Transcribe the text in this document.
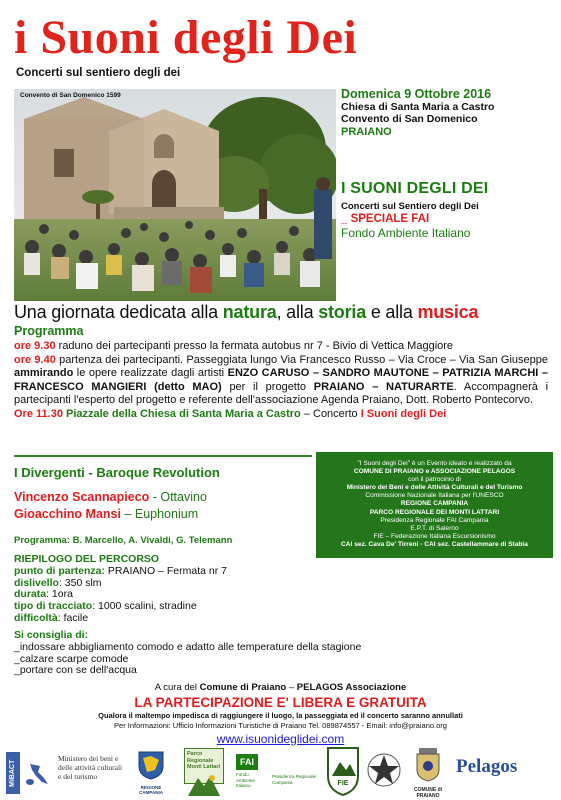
i Suoni degli Dei
Concerti sul sentiero degli dei
Convento di San Domenico 1599	Domenica 9 Ottobre 2016
Chiesa di Santa Maria a Castro
Convento di San Domenico
PRAIANO
I SUONI DEGLI DEI
Concerti sul Sentiero degli Dei
_ SPECIALE FAI
Fondo Ambiente Italiano
Una giornata dedicata alla natura, alla storia e alla musica
Programma

ore 9.30 raduno dei partecipanti presso la fermata autobus nr 7 - Bivio di Vettica Maggiore

ore 9.40 partenza dei partecipanti. Passeggiata lungo Via Francesco Russo – Via Croce – Via San Giuseppe ammirando le opere realizzate dagli artisti ENZO CARUSO – SANDRO MAUTONE – PATRIZIA MARCHI – FRANCESCO MANGIERI (detto MAO) per il progetto PRAIANO – NATURARTE. Accompagnerà i partecipanti l'esperto del progetto e referente dell'associazione Agenda Praiano, Dott. Roberto Pontecorvo.

Ore 11.30 Piazzale della Chiesa di Santa Maria a Castro – Concerto I Suoni degli Dei

I Divergenti - Baroque Revolution
Vincenzo Scannapieco - Ottavino
Gioacchino Mansi – Euphonium
Programma: B. Marcello, A. Vivaldi, G. Telemann
"I Suoni degli Dei" è un Evento ideato e realizzato da
COMUNE DI PRAIANO e ASSOCIAZIONE PELAGOS
con il patrocinio di
Ministero dei Beni e delle Attività Culturali e del Turismo
Commissione Nazionale Italiana per l'UNESCO
REGIONE CAMPANIA
PARCO REGIONALE DEI MONTI LATTARI
Presidenza Regionale FAI Campania
E.P.T. di Salerno
FIE – Federazione Italiana Escursionismo
CAI sez. Cava De' Tirreni - CAI sez. Castellammare di Stabia
RIEPILOGO DEL PERCORSO
punto di partenza: PRAIANO – Fermata nr 7
dislivello: 350 slm
durata: 1ora
tipo di tracciato: 1000 scalini, stradine
difficoltà: facile
Si consiglia di:
_indossare abbigliamento comodo e adatto alle temperature della stagione
_calzare scarpe comode
_portare con se dell'acqua
A cura del Comune di Praiano – PELAGOS Associazione
LA PARTECIPAZIONE E' LIBERA E GRATUITA
Qualora il maltempo impedisca di raggiungere il luogo, la passeggiata ed il concerto saranno annullati
Per Informazioni: Ufficio Informazioni Turistiche di Praiano Tel. 089874557 - Email: info@praiano.org
www.isuonideglidei.com
MiBACT
Ministero dei beni e delle attività culturali e del turismo
REGIONE CAMPANIA
Parco Regionale Monti Lattari	FAI
Fondo Ambiente Italiano
Presidenza Regionale Campania	FIE
COMUNE di PRAIANO
Pelagos
